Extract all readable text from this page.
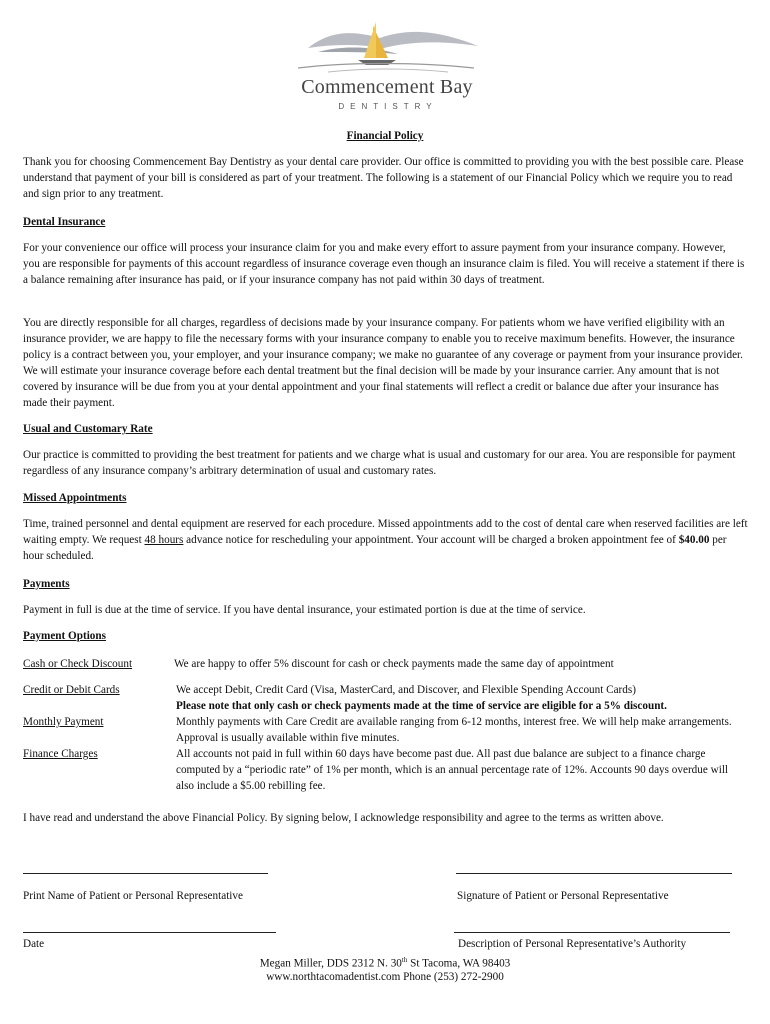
Commencement Bay
DENTISTRY
Financial Policy
Thank you for choosing Commencement Bay Dentistry as your dental care provider. Our office is committed to providing you with the best possible care. Please understand that payment of your bill is considered as part of your treatment. The following is a statement of our Financial Policy which we require you to read and sign prior to any treatment.
Dental Insurance
For your convenience our office will process your insurance claim for you and make every effort to assure payment from your insurance company. However, you are responsible for payments of this account regardless of insurance coverage even though an insurance claim is filed. You will receive a statement if there is a balance remaining after insurance has paid, or if your insurance company has not paid within 30 days of treatment.
You are directly responsible for all charges, regardless of decisions made by your insurance company. For patients whom we have verified eligibility with an insurance provider, we are happy to file the necessary forms with your insurance company to enable you to receive maximum benefits. However, the insurance policy is a contract between you, your employer, and your insurance company; we make no guarantee of any coverage or payment from your insurance provider. We will estimate your insurance coverage before each dental treatment but the final decision will be made by your insurance carrier. Any amount that is not covered by insurance will be due from you at your dental appointment and your final statements will reflect a credit or balance due after your insurance has made their payment.
Usual and Customary Rate
Our practice is committed to providing the best treatment for patients and we charge what is usual and customary for our area. You are responsible for payment regardless of any insurance company’s arbitrary determination of usual and customary rates.
Missed Appointments
Time, trained personnel and dental equipment are reserved for each procedure. Missed appointments add to the cost of dental care when reserved facilities are left waiting empty. We request 48 hours advance notice for rescheduling your appointment. Your account will be charged a broken appointment fee of $40.00 per hour scheduled.
Payments
Payment in full is due at the time of service. If you have dental insurance, your estimated portion is due at the time of service.
Payment Options
Cash or Check Discount	We are happy to offer 5% discount for cash or check payments made the same day of appointment
Credit or Debit Cards	We accept Debit, Credit Card (Visa, MasterCard, and Discover, and Flexible Spending Account Cards)
Please note that only cash or check payments made at the time of service are eligible for a 5% discount.
Monthly Payment	Monthly payments with Care Credit are available ranging from 6-12 months, interest free. We will help make arrangements. Approval is usually available within five minutes.
Finance Charges	All accounts not paid in full within 60 days have become past due. All past due balance are subject to a finance charge computed by a “periodic rate” of 1% per month, which is an annual percentage rate of 12%. Accounts 90 days overdue will also include a $5.00 rebilling fee.
I have read and understand the above Financial Policy. By signing below, I acknowledge responsibility and agree to the terms as written above.
Print Name of Patient or Personal Representative	Signature of Patient or Personal Representative
Date	Description of Personal Representative’s Authority
Megan Miller, DDS 2312 N. 30th St Tacoma, WA 98403
www.northtacomadentist.com Phone (253) 272-2900
